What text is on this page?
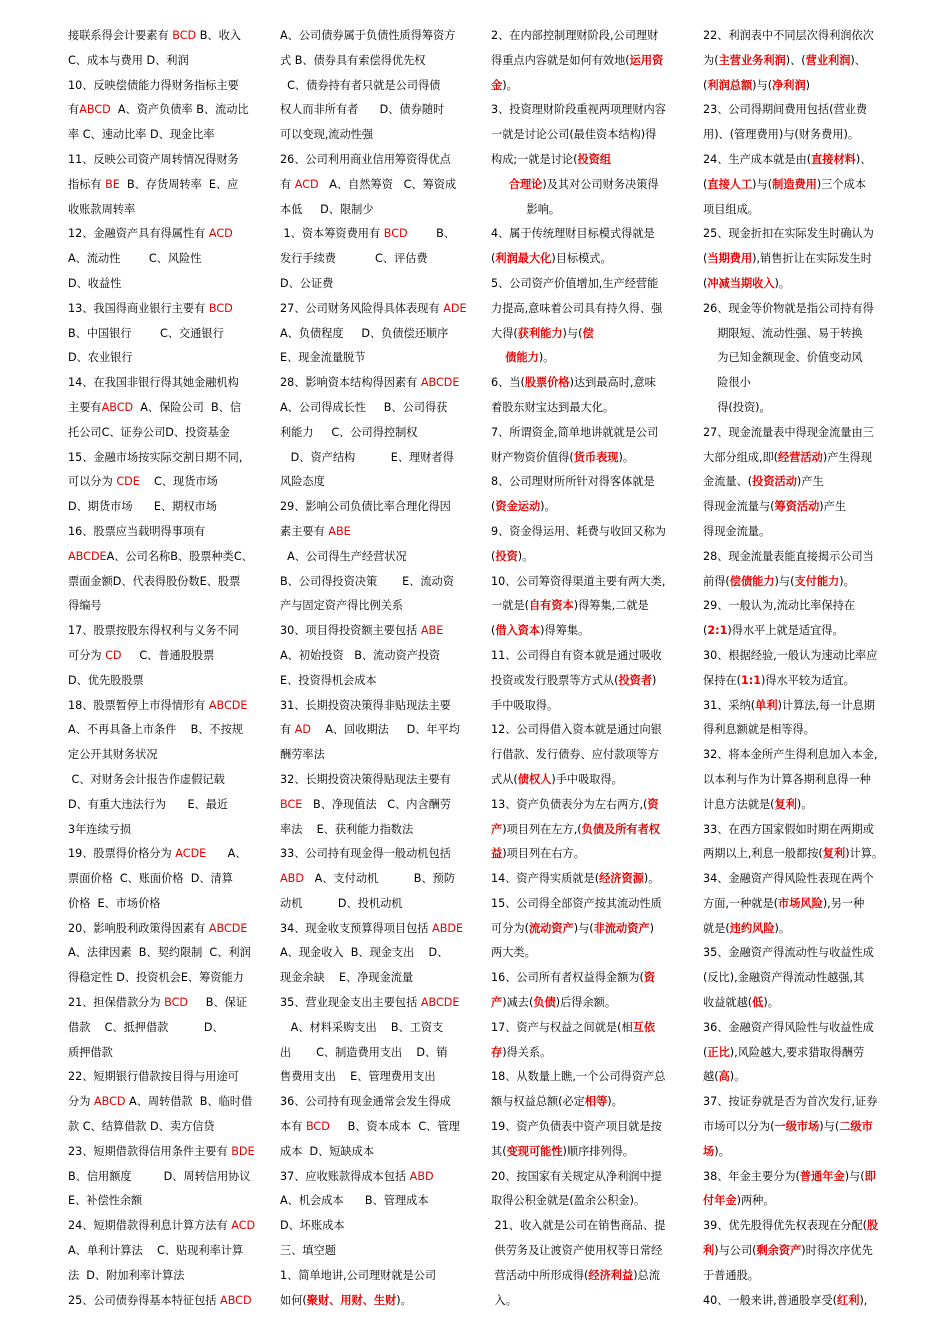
接联系得会计要素有 BCD B、收入
C、成本与费用 D、利润
10、反映偿债能力得财务指标主要
有ABCD  A、资产负债率 B、流动比
率 C、速动比率 D、现金比率
11、反映公司资产周转情况得财务
指标有 BE  B、存货周转率  E、应
收账款周转率
12、金融资产具有得属性有 ACD
A、流动性        C、风险性
D、收益性
13、我国得商业银行主要有 BCD
B、中国银行        C、交通银行
D、农业银行
14、在我国非银行得其她金融机构
主要有ABCD  A、保险公司  B、信
托公司C、证券公司D、投资基金
15、金融市场按实际交割日期不同,
可以分为 CDE    C、现货市场
D、期货市场      E、期权市场
16、股票应当载明得事项有
ABCDEA、公司名称B、股票种类C、
票面金额D、代表得股份数E、股票
得编号
17、股票按股东得权利与义务不同
可分为 CD     C、普通股股票
D、优先股股票
18、股票暂停上市得情形有 ABCDE
A、不再具备上市条件    B、不按规
定公开其财务状况
C、对财务会计报告作虚假记载
D、有重大违法行为      E、最近
3年连续亏损
19、股票得价格分为 ACDE      A、
票面价格  C、账面价格  D、清算
价格  E、市场价格
20、影响股利政策得因素有 ABCDE
A、法律因素  B、契约限制  C、利润
得稳定性 D、投资机会E、筹资能力
21、担保借款分为 BCD     B、保证
借款    C、抵押借款          D、
质押借款
22、短期银行借款按目得与用途可
分为 ABCD A、周转借款  B、临时借
款 C、结算借款 D、卖方信贷
23、短期借款得信用条件主要有 BDE
B、信用额度         D、周转信用协议
E、补偿性余额
24、短期借款得利息计算方法有 ACD
A、单利计算法    C、贴现利率计算
法  D、附加利率计算法
25、公司债券得基本特征包括 ABCD
A、公司债券属于负债性质得筹资方
式 B、债券具有索偿得优先权
C、债券持有者只就是公司得债
权人而非所有者      D、债券随时
可以变现,流动性强
26、公司利用商业信用筹资得优点
有 ACD   A、自然筹资   C、筹资成
本低     D、限制少
1、资本筹资费用有 BCD        B、
发行手续费           C、评估费
D、公证费
27、公司财务风险得具体表现有 ADE
A、负债程度     D、负债偿还顺序
E、现金流量脱节
28、影响资本结构得因素有 ABCDE
A、公司得成长性     B、公司得获
利能力     C、公司得控制权
D、资产结构          E、理财者得
风险态度
29、影响公司负债比率合理化得因
素主要有 ABE
A、公司得生产经营状况
B、公司得投资决策       E、流动资
产与固定资产得比例关系
30、项目得投资额主要包括 ABE
A、初始投资   B、流动资产投资
E、投资得机会成本
31、长期投资决策得非贴现法主要
有 AD    A、回收期法     D、年平均
酬劳率法
32、长期投资决策得贴现法主要有
BCE   B、净现值法   C、内含酬劳
率法    E、获利能力指数法
33、公司持有现金得一般动机包括
ABD   A、支付动机          B、预防
动机          D、投机动机
34、现金收支预算得项目包括 ABDE
A、现金收入  B、现金支出    D、
现金余缺    E、净现金流量
35、营业现金支出主要包括 ABCDE
A、材料采购支出    B、工资支
出       C、制造费用支出    D、销
售费用支出    E、管理费用支出
36、公司持有现金通常会发生得成
本有 BCD     B、资本成本  C、管理
成本  D、短缺成本
37、应收账款得成本包括 ABD
A、机会成本      B、管理成本
D、坏账成本
三、填空题
1、简单地讲,公司理财就是公司
如何(聚财、用财、生财)。
2、在内部控制理财阶段,公司理财
得重点内容就是如何有效地(运用资
金)。
3、投资理财阶段重视两项理财内容
一就是讨论公司(最佳资本结构)得
构成;一就是讨论(投资组
合理论)及其对公司财务决策得
影响。
4、属于传统理财目标模式得就是
(利润最大化)目标模式。
5、公司资产价值增加,生产经营能
力提高,意味着公司具有持久得、强
大得(获利能力)与(偿
债能力)。
6、当(股票价格)达到最高时,意味
着股东财宝达到最大化。
7、所谓资金,简单地讲就就是公司
财产物资价值得(货币表现)。
8、公司理财所所针对得客体就是
(资金运动)。
9、资金得运用、耗费与收回又称为
(投资)。
10、公司筹资得渠道主要有两大类,
一就是(自有资本)得筹集,二就是
(借入资本)得筹集。
11、公司得自有资本就是通过吸收
投资或发行股票等方式从(投资者)
手中吸取得。
12、公司得借入资本就是通过向银
行借款、发行债券、应付款项等方
式从(债权人)手中吸取得。
13、资产负债表分为左右两方,(资
产)项目列在左方,(负债及所有者权
益)项目列在右方。
14、资产得实质就是(经济资源)。
15、公司得全部资产按其流动性质
可分为(流动资产)与(非流动资产)
两大类。
16、公司所有者权益得金额为(资
产)减去(负债)后得余额。
17、资产与权益之间就是(相互依
存)得关系。
18、从数量上瞧,一个公司得资产总
额与权益总额(必定相等)。
19、资产负债表中资产项目就是按
其(变现可能性)顺序排列得。
20、按国家有关规定从净利润中提
取得公积金就是(盈余公积金)。
21、收入就是公司在销售商品、提
供劳务及让渡资产使用权等日常经
营活动中所形成得(经济利益)总流
入。
22、利润表中不同层次得利润依次
为(主营业务利润)、(营业利润)、
(利润总额)与(净利润)
23、公司得期间费用包括(营业费
用)、(管理费用)与(财务费用)。
24、生产成本就是由(直接材料)、
(直接人工)与(制造费用)三个成本
项目组成。
25、现金折扣在实际发生时确认为
(当期费用),销售折让在实际发生时
(冲减当期收入)。
26、现金等价物就是指公司持有得
期限短、流动性强、易于转换
为已知金额现金、价值变动风
险很小
得(投资)。
27、现金流量表中得现金流量由三
大部分组成,即(经营活动)产生得现
金流量、(投资活动)产生
得现金流量与(筹资活动)产生
得现金流量。
28、现金流量表能直接揭示公司当
前得(偿债能力)与(支付能力)。
29、一般认为,流动比率保持在
(2:1)得水平上就是适宜得。
30、根据经验,一般认为速动比率应
保持在(1:1)得水平较为适宜。
31、采纳(单利)计算法,每一计息期
得利息额就是相等得。
32、将本金所产生得利息加入本金,
以本利与作为计算各期利息得一种
计息方法就是(复利)。
33、在西方国家假如时期在两期或
两期以上,利息一般都按(复利)计算。
34、金融资产得风险性表现在两个
方面,一种就是(市场风险),另一种
就是(违约风险)。
35、金融资产得流动性与收益性成
(反比),金融资产得流动性越强,其
收益就越(低)。
36、金融资产得风险性与收益性成
(正比),风险越大,要求猎取得酬劳
越(高)。
37、按证券就是否为首次发行,证券
市场可以分为(一级市场)与(二级市
场)。
38、年金主要分为(普通年金)与(即
付年金)两种。
39、优先股得优先权表现在分配(股
利)与公司(剩余资产)时得次序优先
于普通股。
40、一般来讲,普通股享受(红利),
